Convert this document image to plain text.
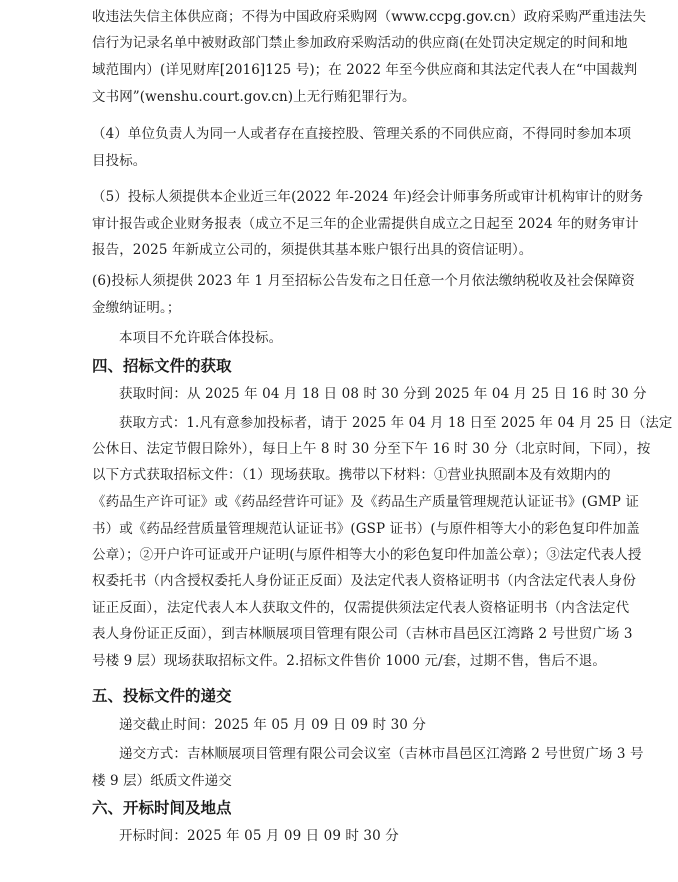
收违法失信主体供应商；不得为中国政府采购网（www.ccpg.gov.cn）政府采购严重违法失
信行为记录名单中被财政部门禁止参加政府采购活动的供应商(在处罚决定规定的时间和地
域范围内）(详见财库[2016]125 号)；在 2022 年至今供应商和其法定代表人在“中国裁判
文书网”(wenshu.court.gov.cn)上无行贿犯罪行为。
（4）单位负责人为同一人或者存在直接控股、管理关系的不同供应商，不得同时参加本项
目投标。
（5）投标人须提供本企业近三年(2022 年-2024 年)经会计师事务所或审计机构审计的财务
审计报告或企业财务报表（成立不足三年的企业需提供自成立之日起至 2024 年的财务审计
报告，2025 年新成立公司的，须提供其基本账户银行出具的资信证明）。
(6)投标人须提供 2023 年 1 月至招标公告发布之日任意一个月依法缴纳税收及社会保障资
金缴纳证明。；
本项目不允许联合体投标。
四、招标文件的获取
获取时间：从 2025 年 04 月 18 日 08 时 30 分到 2025 年 04 月 25 日 16 时 30 分
获取方式：1.凡有意参加投标者，请于 2025 年 04 月 18 日至 2025 年 04 月 25 日（法定
公休日、法定节假日除外），每日上午 8 时 30 分至下午 16 时 30 分（北京时间，下同），按
以下方式获取招标文件：（1）现场获取。携带以下材料：①营业执照副本及有效期内的
《药品生产许可证》或《药品经营许可证》及《药品生产质量管理规范认证证书》(GMP 证
书）或《药品经营质量管理规范认证证书》(GSP 证书）(与原件相等大小的彩色复印件加盖
公章）；②开户许可证或开户证明(与原件相等大小的彩色复印件加盖公章）；③法定代表人授
权委托书（内含授权委托人身份证正反面）及法定代表人资格证明书（内含法定代表人身份
证正反面），法定代表人本人获取文件的，仅需提供须法定代表人资格证明书（内含法定代
表人身份证正反面），到吉林顺展项目管理有限公司（吉林市昌邑区江湾路 2 号世贸广场 3
号楼 9 层）现场获取招标文件。2.招标文件售价 1000 元/套，过期不售，售后不退。
五、投标文件的递交
递交截止时间：2025 年 05 月 09 日 09 时 30 分
递交方式：吉林顺展项目管理有限公司会议室（吉林市昌邑区江湾路 2 号世贸广场 3 号
楼 9 层）纸质文件递交
六、开标时间及地点
开标时间：2025 年 05 月 09 日 09 时 30 分
